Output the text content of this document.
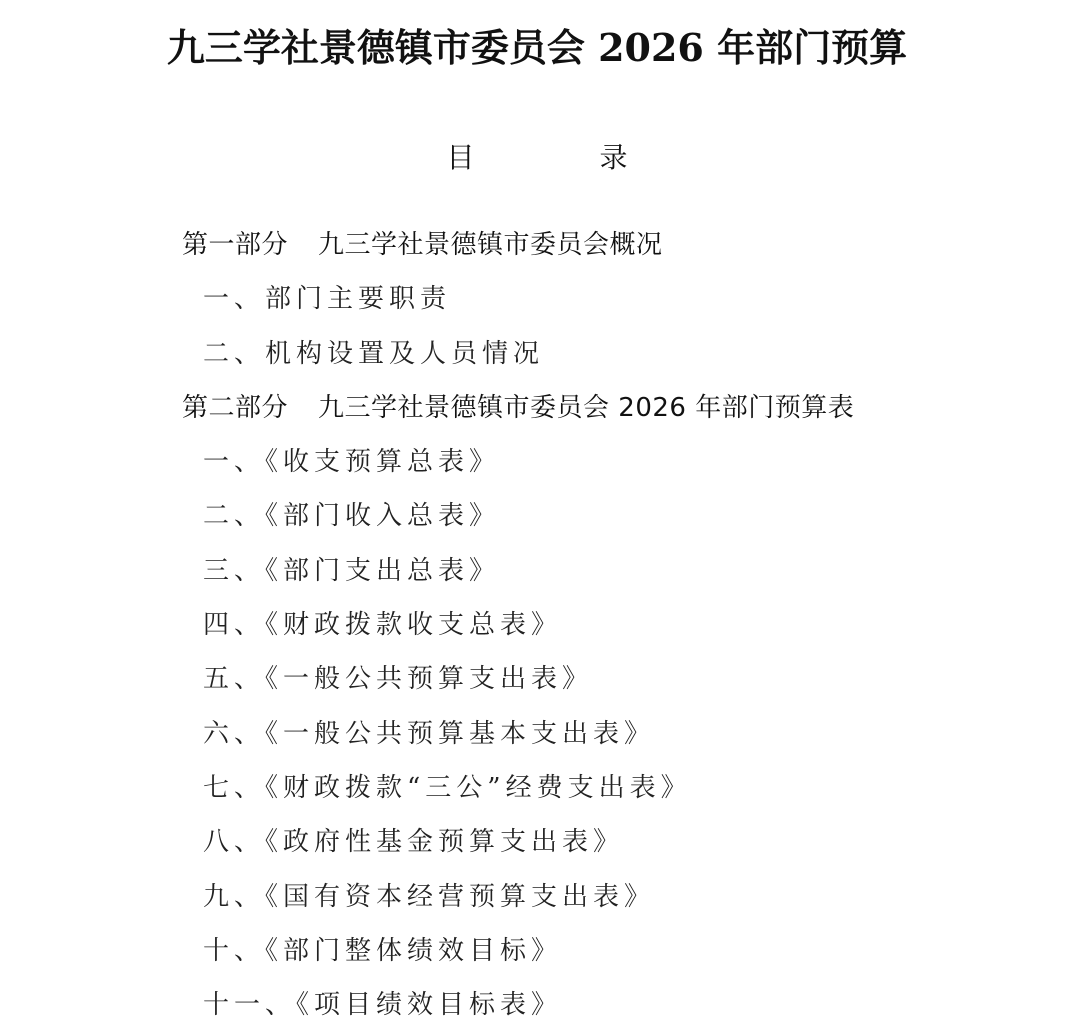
九三学社景德镇市委员会 2026 年部门预算
目 录
第一部分 九三学社景德镇市委员会概况
一、部门主要职责
二、机构设置及人员情况
第二部分 九三学社景德镇市委员会 2026 年部门预算表
一、《收支预算总表》
二、《部门收入总表》
三、《部门支出总表》
四、《财政拨款收支总表》
五、《一般公共预算支出表》
六、《一般公共预算基本支出表》
七、《财政拨款“三公”经费支出表》
八、《政府性基金预算支出表》
九、《国有资本经营预算支出表》
十、《部门整体绩效目标》
十一、《项目绩效目标表》
